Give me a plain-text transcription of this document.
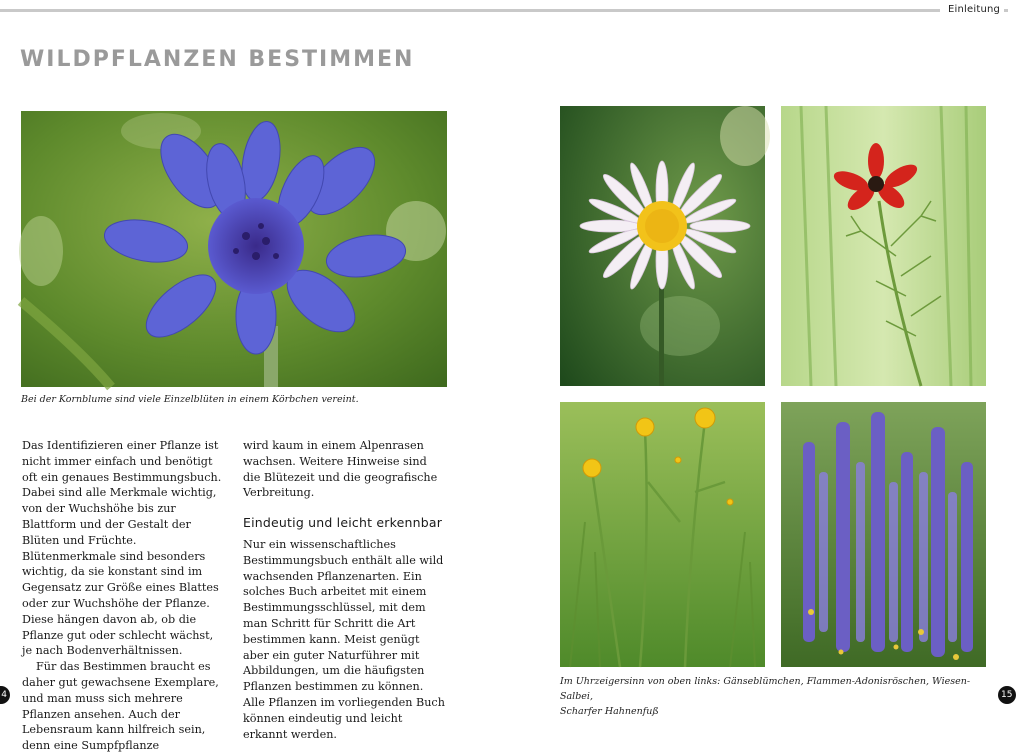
Einleitung
WILDPFLANZEN BESTIMMEN
Bei der Kornblume sind viele Einzelblüten in einem Körbchen vereint.
Im Uhrzeigersinn von oben links: Gänseblümchen, Flammen-Adonisröschen, Wiesen-Salbei,
Scharfer Hahnenfuß

Das Identifizieren einer Pflanze ist nicht immer einfach und benötigt oft ein genaues Bestimmungsbuch. Dabei sind alle Merkmale wichtig, von der Wuchshöhe bis zur Blattform und der Gestalt der Blüten und Früchte. Blütenmerkmale sind besonders wichtig, da sie konstant sind im Gegensatz zur Größe eines Blattes oder zur Wuchshöhe der Pflanze. Diese hängen davon ab, ob die Pflanze gut oder schlecht wächst, je nach Bodenverhältnissen.

Für das Bestimmen braucht es daher gut gewachsene Exemplare, und man muss sich mehrere Pflanzen ansehen. Auch der Lebensraum kann hilfreich sein, denn eine Sumpfpflanze

wird kaum in einem Alpenrasen wachsen. Weitere Hinweise sind die Blütezeit und die geografische Verbreitung.

Eindeutig und leicht erkennbar

Nur ein wissenschaftliches Bestimmungsbuch enthält alle wild wachsenden Pflanzenarten. Ein solches Buch arbeitet mit einem Bestimmungsschlüssel, mit dem man Schritt für Schritt die Art bestimmen kann. Meist genügt aber ein guter Naturführer mit Abbildungen, um die häufigsten Pflanzen bestimmen zu können. Alle Pflanzen im vorliegenden Buch können eindeutig und leicht erkannt werden.

4	15
